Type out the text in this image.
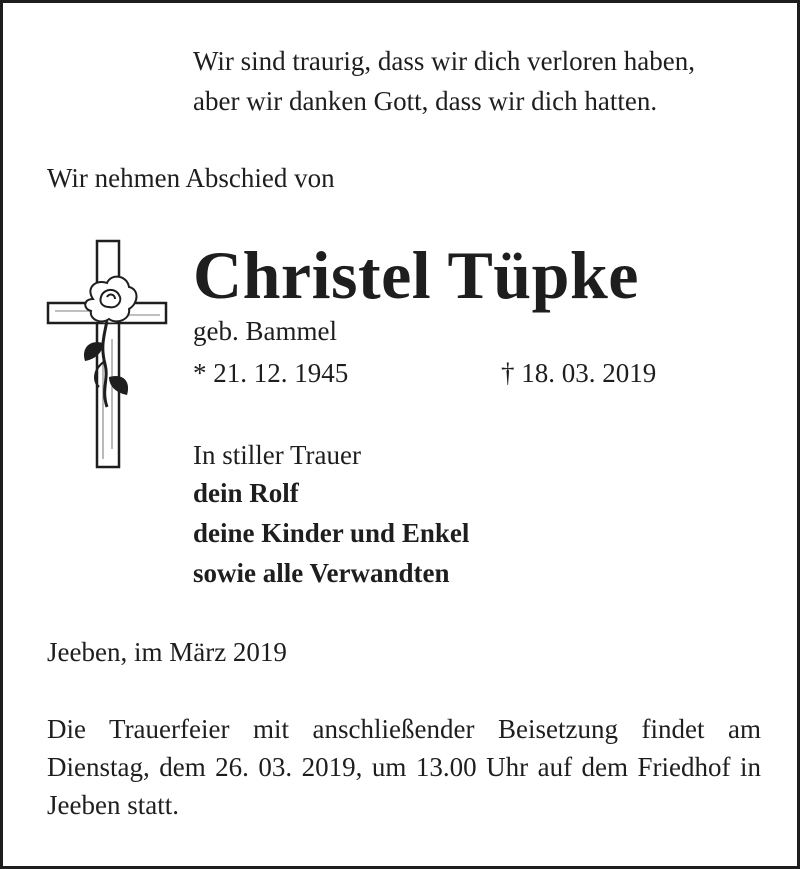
Wir sind traurig, dass wir dich verloren haben,
aber wir danken Gott, dass wir dich hatten.
Wir nehmen Abschied von
Christel Tüpke
geb. Bammel
* 21. 12. 1945	† 18. 03. 2019
In stiller Trauer
dein Rolf
deine Kinder und Enkel
sowie alle Verwandten
Jeeben, im März 2019
Die Trauerfeier mit anschließender Beisetzung findet am Dienstag, dem 26. 03. 2019, um 13.00 Uhr auf dem Friedhof in Jeeben statt.
